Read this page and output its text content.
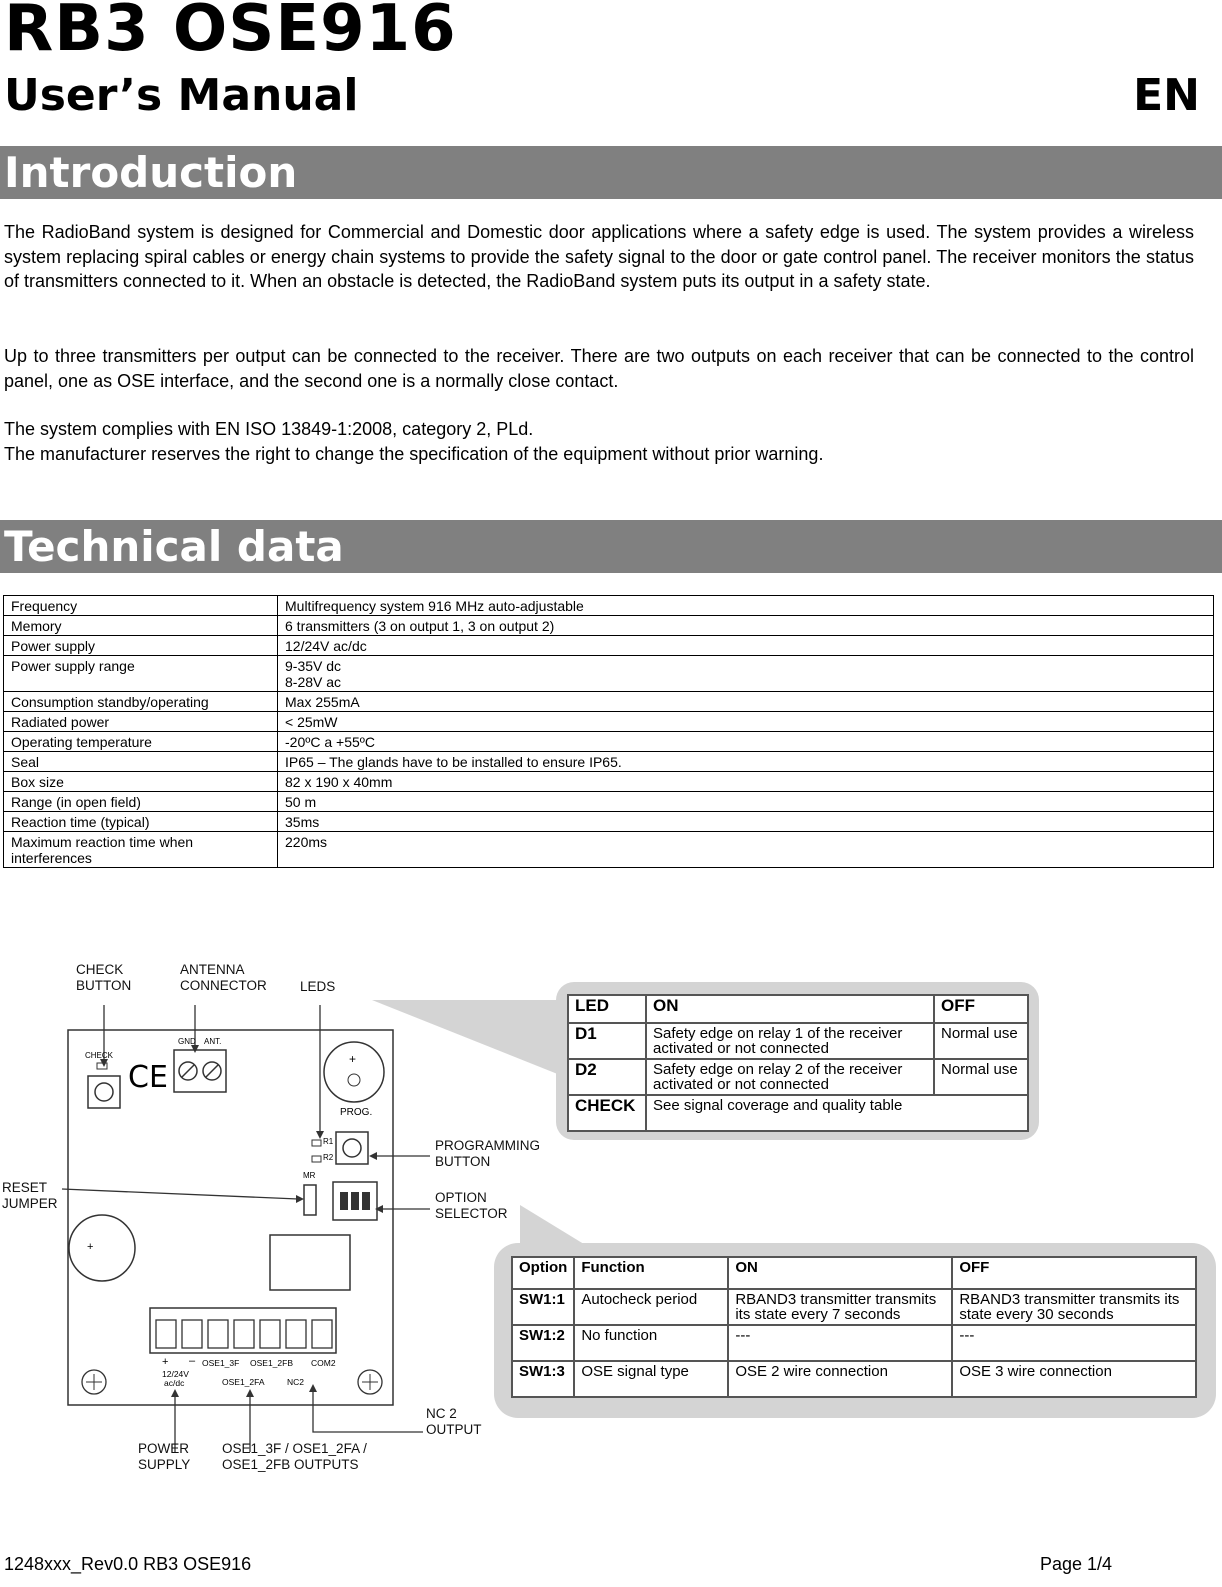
RB3 OSE916
User’s Manual	EN
Introduction
The RadioBand system is designed for Commercial and Domestic door applications where a safety edge is used. The system provides a wireless system replacing spiral cables or energy chain systems to provide the safety signal to the door or gate control panel. The receiver monitors the status of transmitters connected to it. When an obstacle is detected, the RadioBand system puts its output in a safety state.
Up to three transmitters per output can be connected to the receiver. There are two outputs on each receiver that can be connected to the control panel, one as OSE interface, and the second one is a normally close contact.
The system complies with EN ISO 13849-1:2008, category 2, PLd.
The manufacturer reserves the right to change the specification of the equipment without prior warning.
Technical data
Frequency	Multifrequency system 916 MHz auto-adjustable

Memory	6 transmitters (3 on output 1, 3 on output 2)

Power supply	12/24V ac/dc

Power supply range	9-35V dc
8-28V ac

Consumption standby/operating	Max 255mA

Radiated power	< 25mW

Operating temperature	-20ºC a +55ºC

Seal	IP65 – The glands have to be installed to ensure IP65.

Box size	82 x 190 x 40mm

Range (in open field)	50 m

Reaction time (typical)	35ms

Maximum reaction time when interferences	220ms
CHECK
BUTTON
ANTENNA
CONNECTOR LEDS
PROGRAMMING
BUTTON
OPTION
SELECTOR
RESET
JUMPER
NC 2
OUTPUT
POWER
SUPPLY
OSE1_3F / OSE1_2FA /
OSE1_2FB OUTPUTS
CHECK
GND ANT.
CE
PROG.
R1
R2
MR
+
+
+ –
12/24V
ac/dc
OSE1_3F OSE1_2FB COM2
OSE1_2FA	NC2
LED	ON	OFF
D1	Safety edge on relay 1 of the receiver activated or not connected	Normal use
D2	Safety edge on relay 2 of the receiver activated or not connected	Normal use
CHECK	See signal coverage and quality table	
Option	Function	ON	OFF
SW1:1	Autocheck period	RBAND3 transmitter transmits its state every 7 seconds	RBAND3 transmitter transmits its state every 30 seconds
SW1:2	No function	---	---
SW1:3	OSE signal type	OSE 2 wire connection	OSE 3 wire connection
1248xxx_Rev0.0 RB3 OSE916	Page 1/4
